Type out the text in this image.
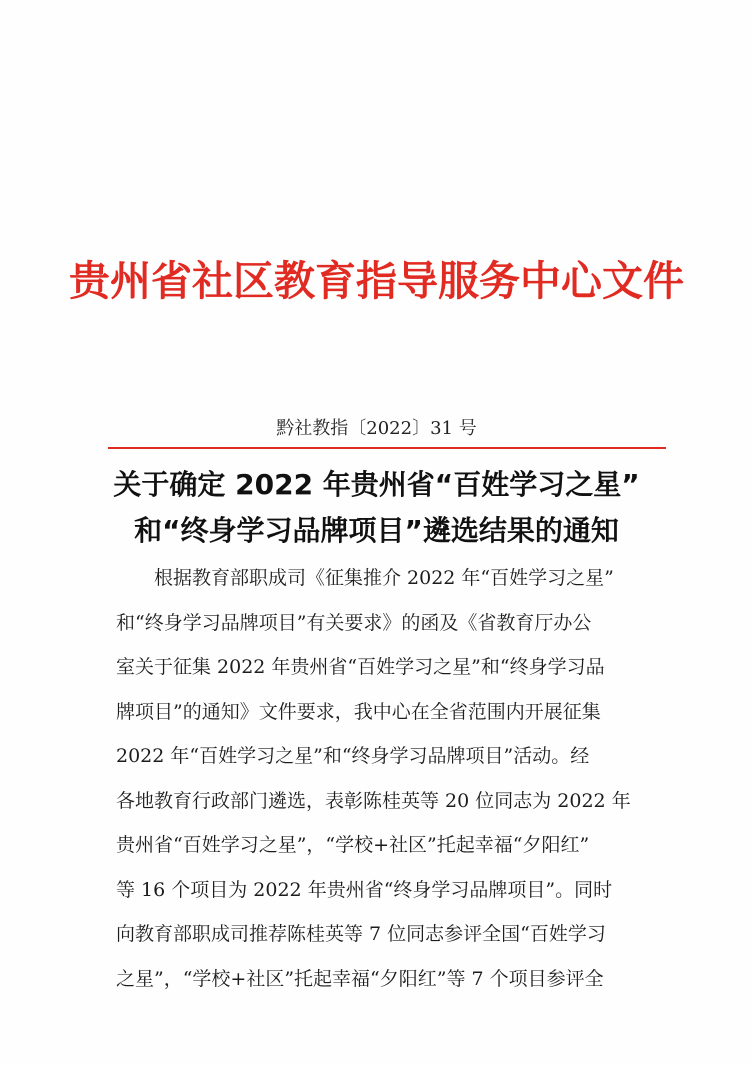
贵州省社区教育指导服务中心文件
黔社教指〔2022〕31 号
关于确定 2022 年贵州省“百姓学习之星”
和“终身学习品牌项目”遴选结果的通知
根据教育部职成司《征集推介 2022 年“百姓学习之星”
和“终身学习品牌项目”有关要求》的函及《省教育厅办公
室关于征集 2022 年贵州省“百姓学习之星”和“终身学习品
牌项目”的通知》文件要求，我中心在全省范围内开展征集
2022 年“百姓学习之星”和“终身学习品牌项目”活动。经
各地教育行政部门遴选，表彰陈桂英等 20 位同志为 2022 年
贵州省“百姓学习之星”，“学校+社区”托起幸福“夕阳红”
等 16 个项目为 2022 年贵州省“终身学习品牌项目”。同时
向教育部职成司推荐陈桂英等 7 位同志参评全国“百姓学习
之星”，“学校+社区”托起幸福“夕阳红”等 7 个项目参评全
